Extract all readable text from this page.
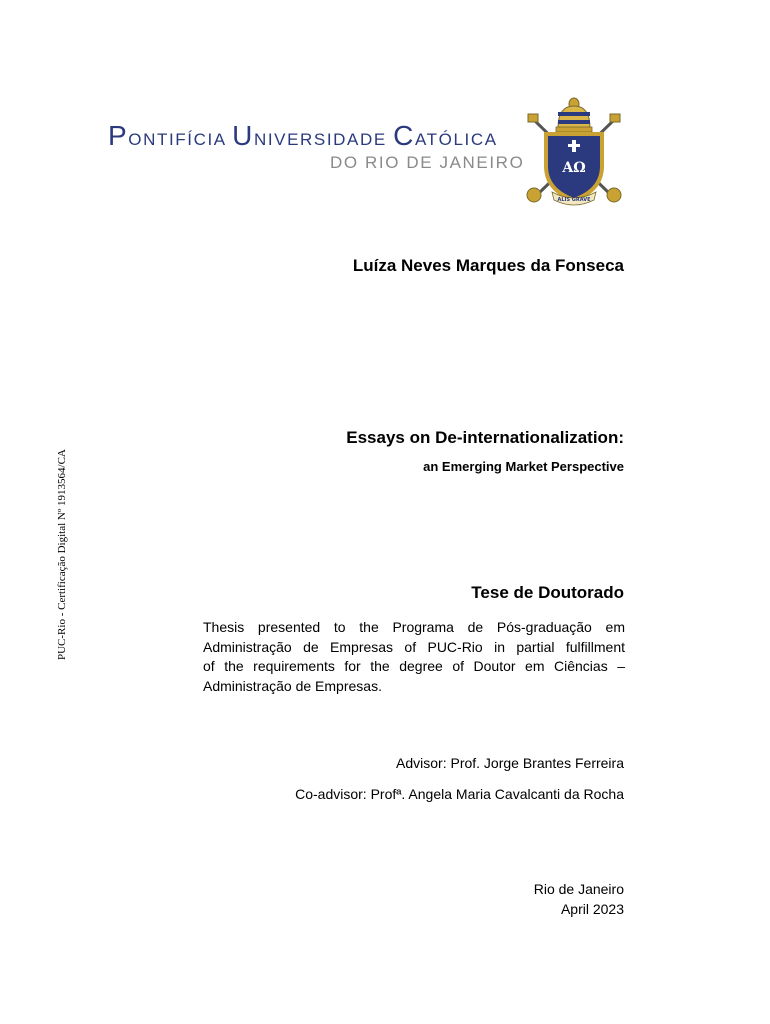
PONTIFÍCIA UNIVERSIDADE CATÓLICA
DO RIO DE JANEIRO	ΑΩ
ALIS GRAVE
PUC-Rio - Certificação Digital Nº 1913564/CA
Luíza Neves Marques da Fonseca
Essays on De-internationalization:
an Emerging Market Perspective
Tese de Doutorado
Thesis presented to the Programa de Pós-graduação em
Administração de Empresas of PUC-Rio in partial fulfillment
of the requirements for the degree of Doutor em Ciências –
Administração de Empresas.
Advisor: Prof. Jorge Brantes Ferreira
Co-advisor: Profª. Angela Maria Cavalcanti da Rocha
Rio de Janeiro
April 2023
